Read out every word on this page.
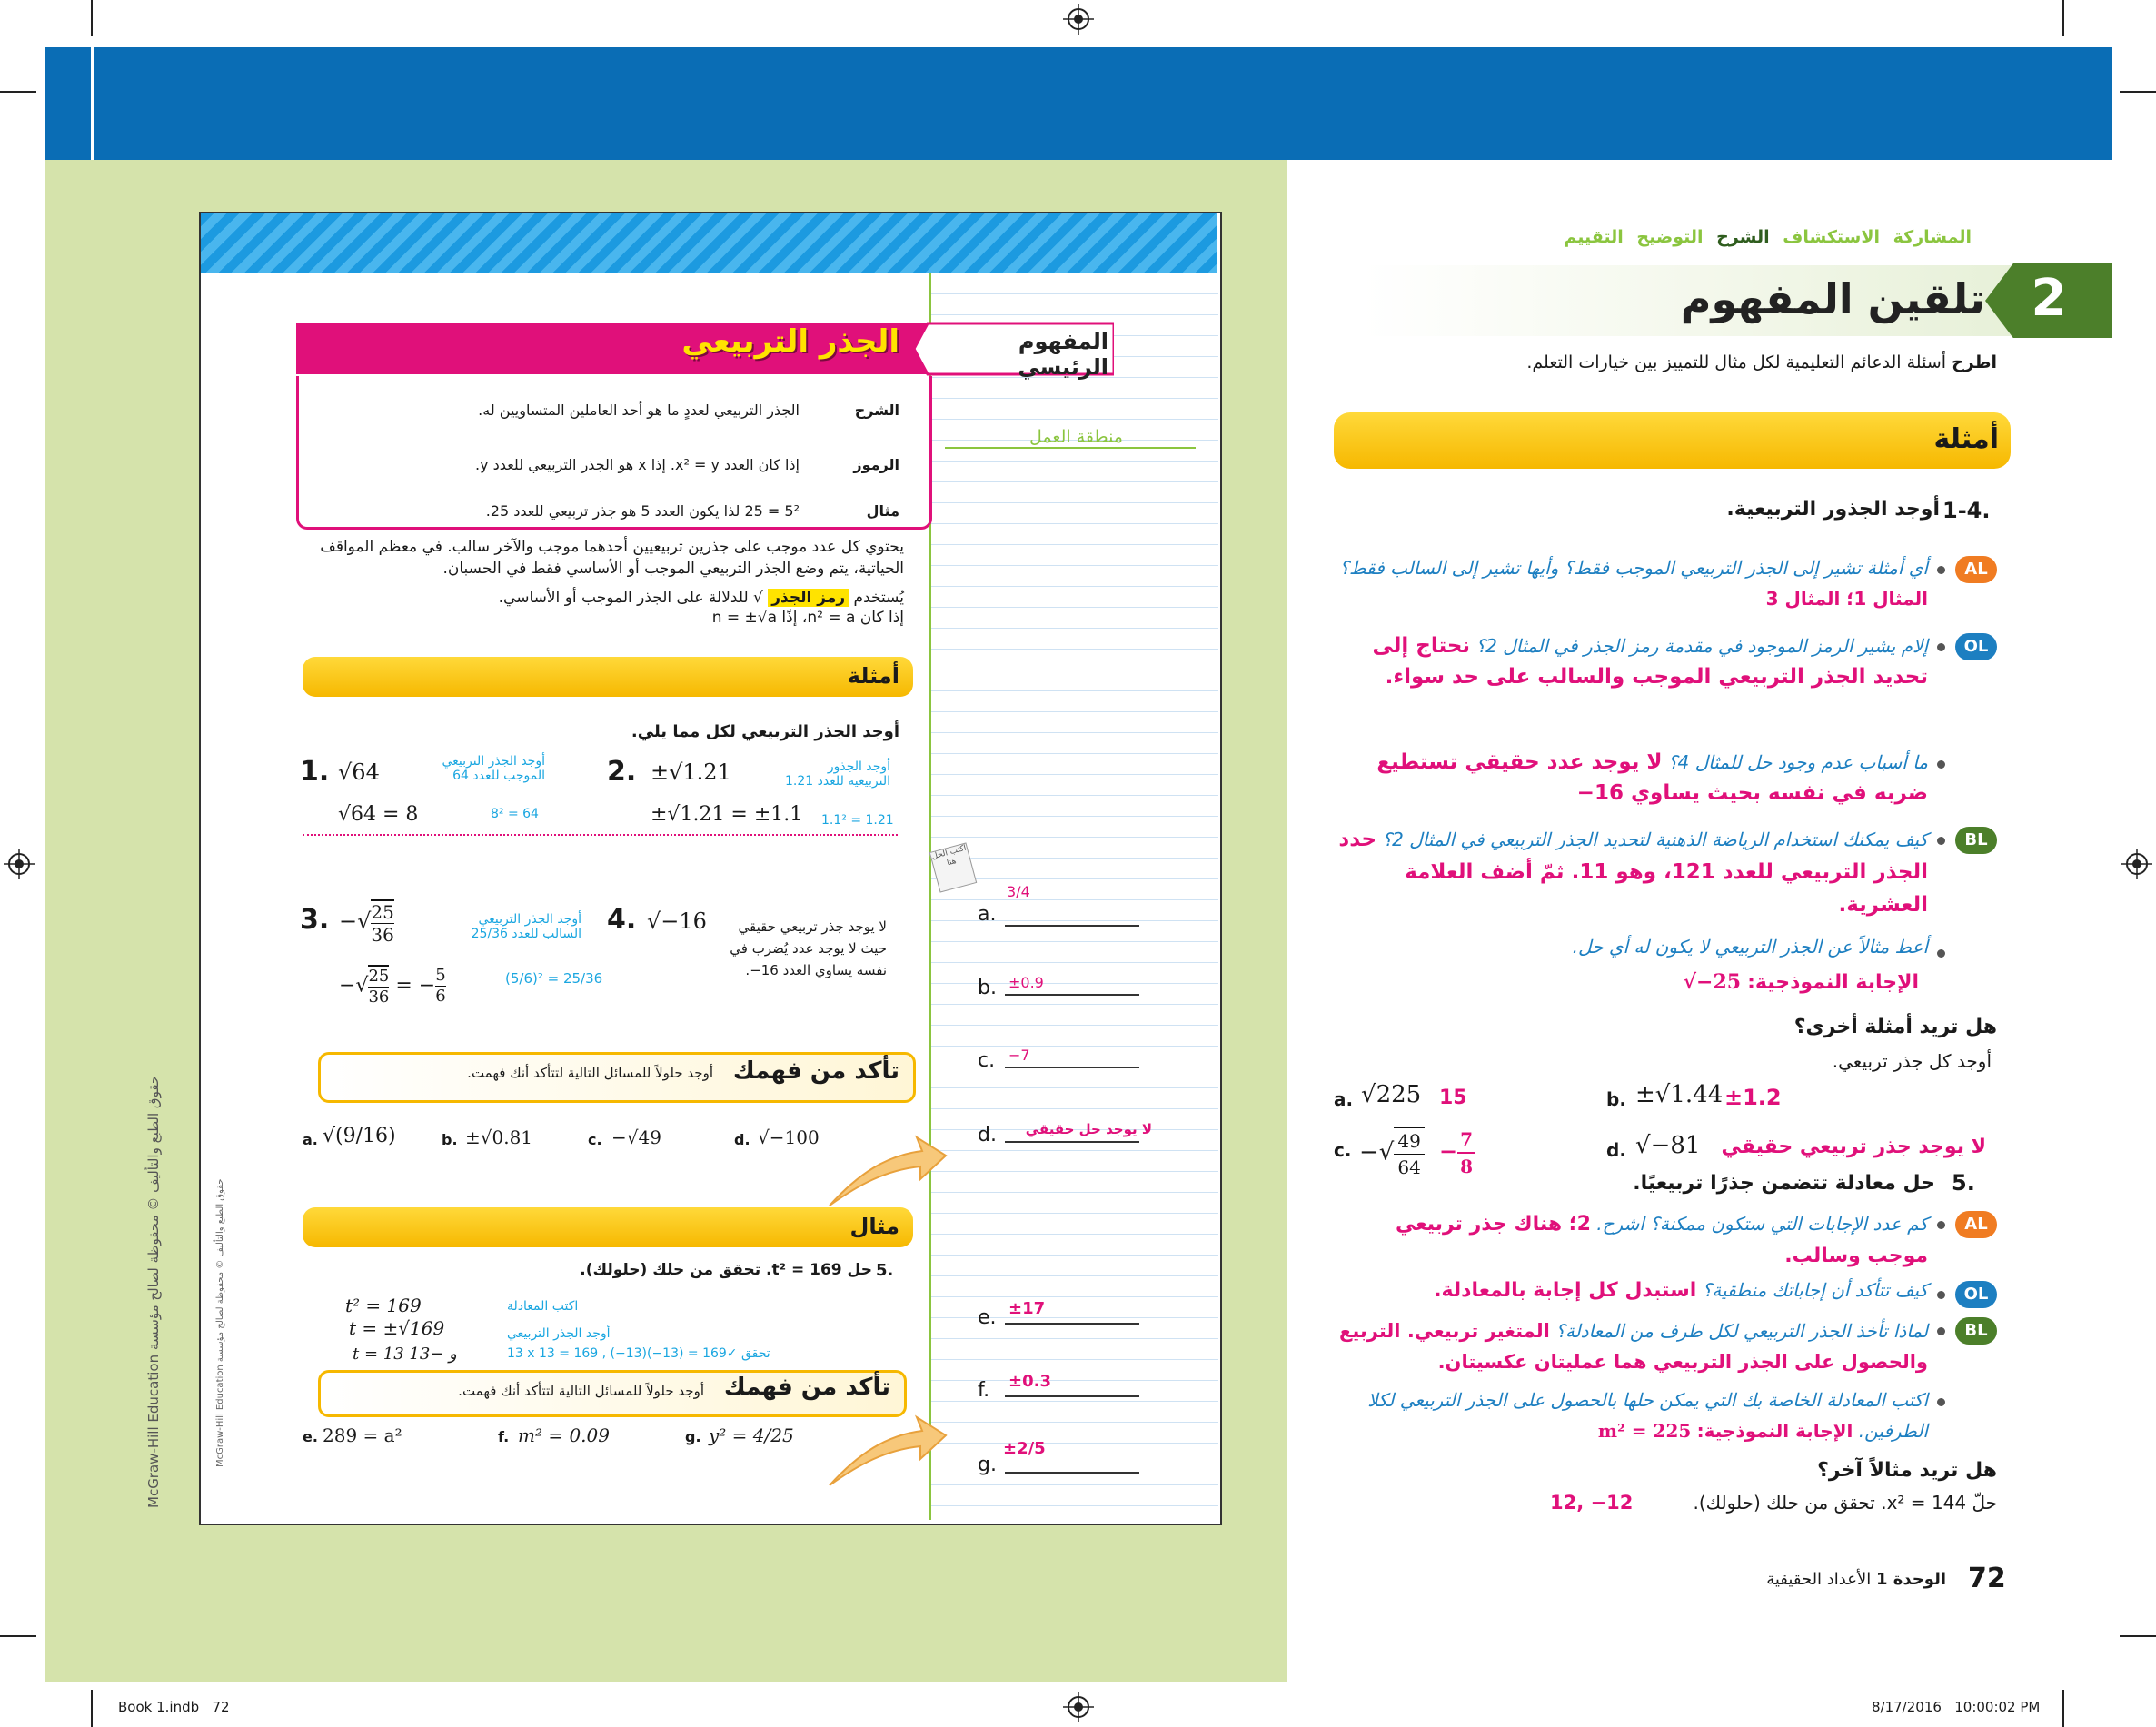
McGraw-Hill Education حقوق الطبع والتأليف © محفوظة لصالح مؤسسة
McGraw-Hill Education حقوق الطبع والتأليف © محفوظة لصالح مؤسسة
الجذر التربيعي	المفهوم الرئيسي
منطقة العمل
الشرح
الجذر التربيعي لعددٍ ما هو أحد العاملين المتساويين له.
الرموز
إذا كان العدد x² = y. إذا x هو الجذر التربيعي للعدد y.
مثال
5² = 25 لذا يكون العدد 5 هو جذر تربيعي للعدد 25.
يحتوي كل عدد موجب على جذرين تربيعيين أحدهما موجب والآخر سالب. في معظم المواقف الحياتية، يتم وضع الجذر التربيعي الموجب أو الأساسي فقط في الحسبان.
يُستخدم رمز الجذر √ للدلالة على الجذر الموجب أو الأساسي.
إذا كان n² = a، إذًا n = ±√a
أمثلة
أوجد الجذر التربيعي لكل مما يلي.
1. √64
√64 = 8
أوجد الجذر التربيعي الموجب للعدد 64
8² = 64
2. ±√1.21
±√1.21 = ±1.1
أوجد الجذور التربيعية للعدد 1.21
1.1² = 1.21
3. −√ $\frac{25}{36}$
−√ $\frac{25}{36}$ = − $\frac{5}{6}$
أوجد الجذر التربيعي السالب للعدد 25/36
(5/6)² = 25/36
4. √−16	لا يوجد جذر تربيعي حقيقي حيث لا يوجد عدد يُضرب في نفسه يساوي العدد 16−.
تأكد من فهمك
أوجد حلولاً للمسائل التالية لتتأكد أنك فهمت.
a. √(9/16)	b. ±√0.81	c. −√49	d. √−100
مثال
حل t² = 169. تحقق من حلك (حلولك). 5.
t² = 169
t = ±√169
t = 13 و −13
اكتب المعادلة
أوجد الجذر التربيعي
13 x 13 = 169 , (−13)(−13) = 169✓ تحقق
تأكد من فهمك
أوجد حلولاً للمسائل التالية لتتأكد أنك فهمت.
e. 289 = a²	f. m² = 0.09	g. y² = 4/25
اكتب الحل هنا
a.
3/4
b. ±0.9
c. −7
d.	لا يوجد حل حقيقي
e. ±17
f. ±0.3
g.
±2/5
المشاركة الاستكشاف الشرح التوضيح التقييم
2
تلقين المفهوم
اطرح أسئلة الدعائم التعليمية لكل مثال للتمييز بين خيارات التعلم.
أمثلة
أوجد الجذور التربيعية. 1-4.
AL
أي أمثلة تشير إلى الجذر التربيعي الموجب فقط؟ وأيها تشير إلى السالب فقط؟ المثال 1؛ المثال 3
OL
إلام يشير الرمز الموجود في مقدمة رمز الجذر في المثال 2؟ نحتاج إلى تحديد الجذر التربيعي الموجب والسالب على حد سواء.
ما أسباب عدم وجود حل للمثال 4؟ لا يوجد عدد حقيقي تستطيع ضربه في نفسه بحيث يساوي 16−
BL
كيف يمكنك استخدام الرياضة الذهنية لتحديد الجذر التربيعي في المثال 2؟ حدد الجذر التربيعي للعدد 121، وهو 11. ثمّ أضف العلامة العشرية.
أعط مثالاً عن الجذر التربيعي لا يكون له أي حل.
الإجابة النموذجية: √−25
هل تريد أمثلة أخرى؟
أوجد كل جذر تربيعي.
a. √225 15	b. ±√1.44 ±1.2
c. −√ $\frac{49}{64} - \frac{7}{8}$	d. √−81	لا يوجد جذر تربيعي حقيقي
حل معادلة تتضمن جذرًا تربيعيًا. 5.
AL
كم عدد الإجابات التي ستكون ممكنة؟ اشرح. 2؛ هناك جذر تربيعي موجب وسالب.
OL
كيف تتأكد أن إجاباتك منطقية؟ استبدل كل إجابة بالمعادلة.
BL
لماذا تأخذ الجذر التربيعي لكل طرف من المعادلة؟ المتغير تربيعي. التربيع والحصول على الجذر التربيعي هما عمليتان عكسيتان.
اكتب المعادلة الخاصة بك التي يمكن حلها بالحصول على الجذر التربيعي لكلا الطرفين. الإجابة النموذجية: m² = 225
هل تريد مثالاً آخر؟
حلّ 144 = x². تحقق من حلك (حلولك).
12, −12
72
الوحدة 1 الأعداد الحقيقية
Book 1.indb 72	8/17/2016 10:00:02 PM
